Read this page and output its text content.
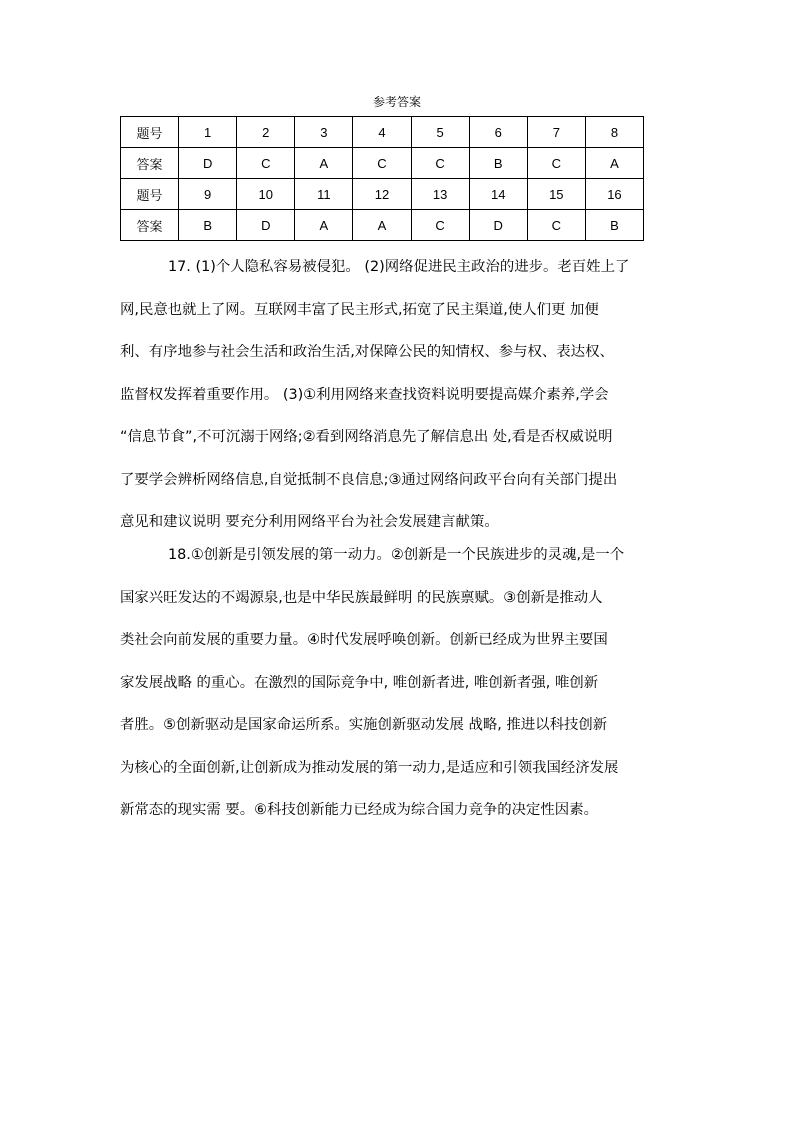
参考答案
题号	1	2	3	4	5	6	7	8
答案	D	C	A	C	C	B	C	A
题号	9	10	11	12	13	14	15	16
答案	B	D	A	A	C	D	C	B
17. (1)个人隐私容易被侵犯。 (2)网络促进民主政治的进步。老百姓上了
网,民意也就上了网。互联网丰富了民主形式,拓宽了民主渠道,使人们更 加便
利、有序地参与社会生活和政治生活,对保障公民的知情权、参与权、表达权、
监督权发挥着重要作用。 (3)①利用网络来查找资料说明要提高媒介素养,学会
“信息节食”,不可沉溺于网络;②看到网络消息先了解信息出 处,看是否权威说明
了要学会辨析网络信息,自觉抵制不良信息;③通过网络问政平台向有关部门提出
意见和建议说明 要充分利用网络平台为社会发展建言献策。
18.①创新是引领发展的第一动力。②创新是一个民族进步的灵魂,是一个
国家兴旺发达的不竭源泉,也是中华民族最鲜明 的民族禀赋。③创新是推动人
类社会向前发展的重要力量。④时代发展呼唤创新。创新已经成为世界主要国
家发展战略 的重心。在激烈的国际竞争中, 唯创新者进, 唯创新者强, 唯创新
者胜。⑤创新驱动是国家命运所系。实施创新驱动发展 战略, 推进以科技创新
为核心的全面创新,让创新成为推动发展的第一动力,是适应和引领我国经济发展
新常态的现实需 要。⑥科技创新能力已经成为综合国力竞争的决定性因素。
